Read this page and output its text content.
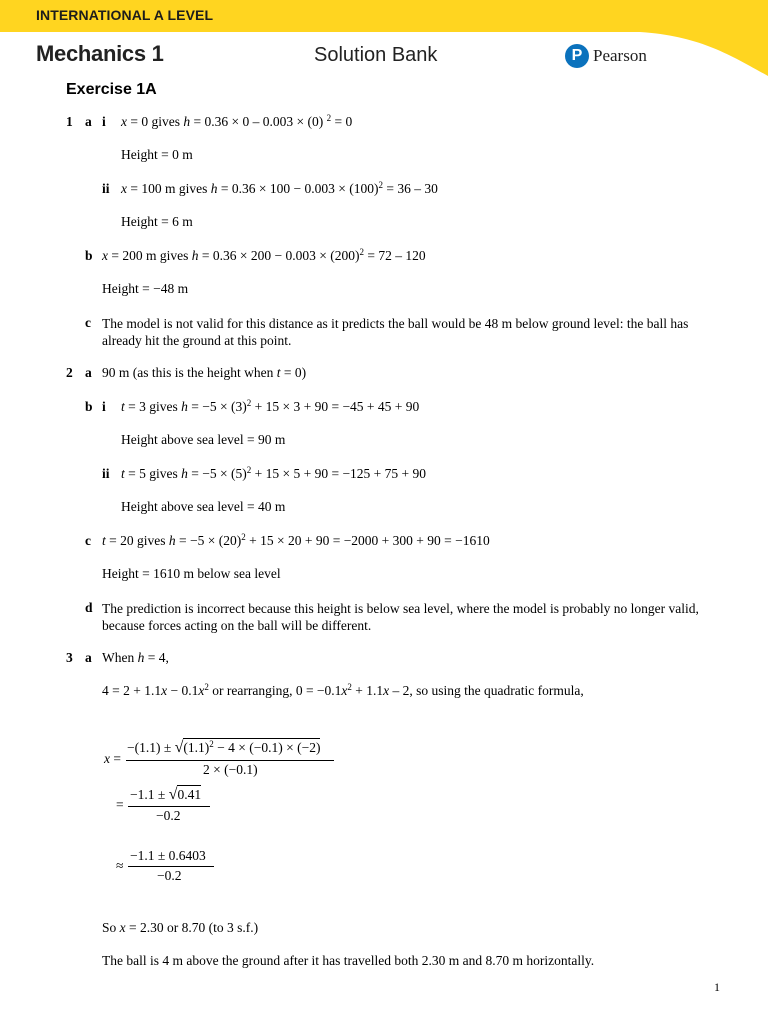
INTERNATIONAL A LEVEL
Mechanics 1	Solution Bank	P Pearson
Exercise 1A
1 a i x = 0 gives h = 0.36 × 0 – 0.003 × (0) $^2$ = 0
Height = 0 m
ii x = 100 m gives $h = 0.36 \times 100 - 0.003 \times (100)^2 = 36 - 30$
Height = 6 m
b x = 200 m gives $h = 0.36 \times 200 - 0.003 \times (200)^2 = 72 - 120$
Height = −48 m
c The model is not valid for this distance as it predicts the ball would be 48 m below ground level: the ball has already hit the ground at this point.
2 a 90 m (as this is the height when t = 0)
b i t = 3 gives $h = -5 \times (3)^2 + 15 \times 3 + 90 = -45 + 45 + 90$
Height above sea level = 90 m
ii t = 5 gives $h = -5 \times (5)^2 + 15 \times 5 + 90 = -125 + 75 + 90$
Height above sea level = 40 m
c t = 20 gives $h = -5 \times (20)^2 + 15 \times 20 + 90 = -2000 + 300 + 90 = -1610$
Height = 1610 m below sea level
d The prediction is incorrect because this height is below sea level, where the model is probably no longer valid, because forces acting on the ball will be different.
3 a When h = 4,
$4 = 2 + 1.1x - 0.1x^2$ or rearranging, $0 = -0.1x^2 + 1.1x - 2$, so using the quadratic formula,
x =
$-(1.1) \pm √(1.1)^2 - 4 \times (-0.1) \times (-2)$
2 × (−0.1)
=
−1.1 ± √0.41
−0.2
≈
−1.1 ± 0.6403
−0.2
So x = 2.30 or 8.70 (to 3 s.f.)
The ball is 4 m above the ground after it has travelled both 2.30 m and 8.70 m horizontally.
1
